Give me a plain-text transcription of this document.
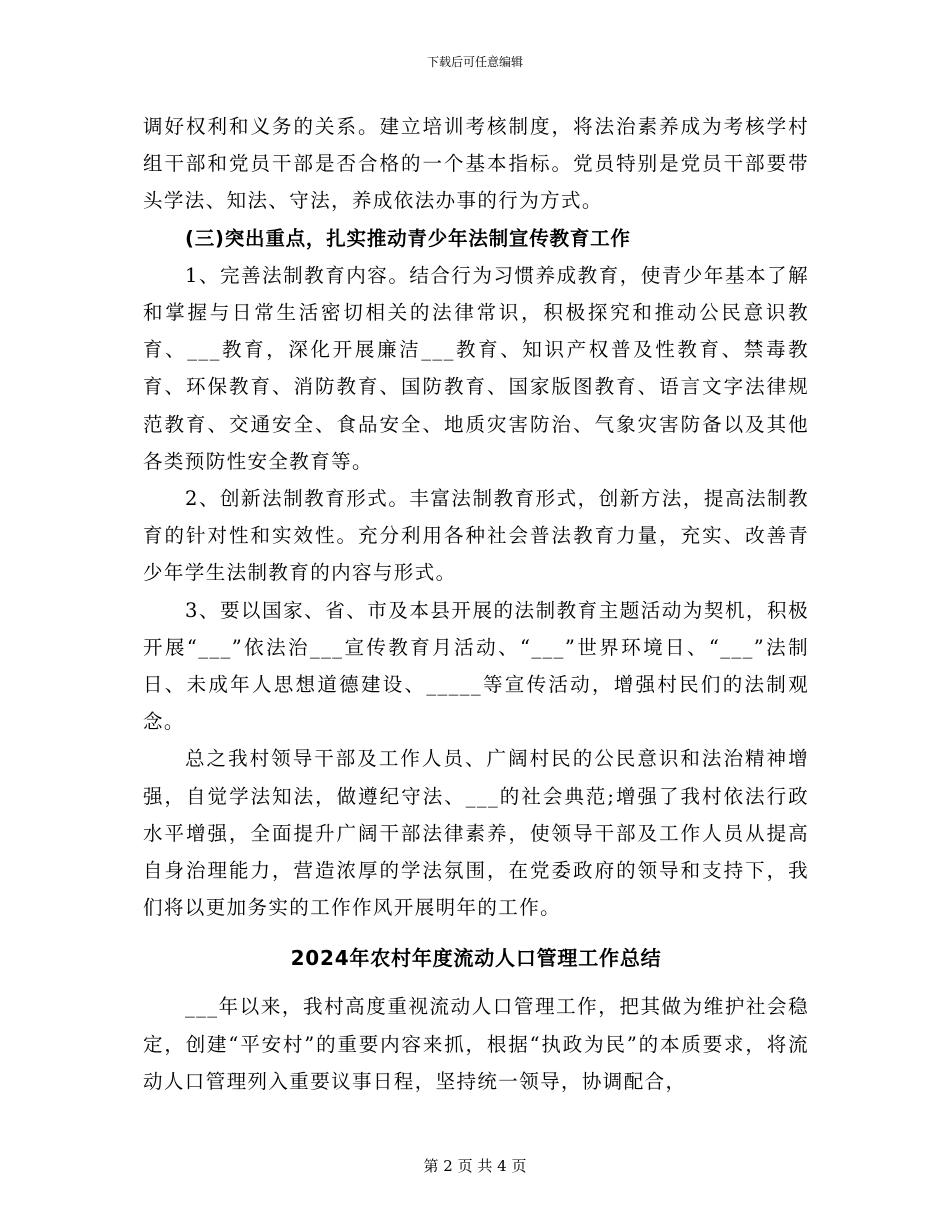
下载后可任意编辑

调好权利和义务的关系。建立培训考核制度，将法治素养成为考核学村组干部和党员干部是否合格的一个基本指标。党员特别是党员干部要带头学法、知法、守法，养成依法办事的行为方式。

(三)突出重点，扎实推动青少年法制宣传教育工作

1、完善法制教育内容。结合行为习惯养成教育，使青少年基本了解和掌握与日常生活密切相关的法律常识，积极探究和推动公民意识教育、___教育，深化开展廉洁___教育、知识产权普及性教育、禁毒教育、环保教育、消防教育、国防教育、国家版图教育、语言文字法律规范教育、交通安全、食品安全、地质灾害防治、气象灾害防备以及其他各类预防性安全教育等。

2、创新法制教育形式。丰富法制教育形式，创新方法，提高法制教育的针对性和实效性。充分利用各种社会普法教育力量，充实、改善青少年学生法制教育的内容与形式。

3、要以国家、省、市及本县开展的法制教育主题活动为契机，积极开展“___”依法治___宣传教育月活动、“___”世界环境日、“___”法制日、未成年人思想道德建设、_____等宣传活动，增强村民们的法制观念。

总之我村领导干部及工作人员、广阔村民的公民意识和法治精神增强，自觉学法知法，做遵纪守法、___的社会典范;增强了我村依法行政水平增强，全面提升广阔干部法律素养，使领导干部及工作人员从提高自身治理能力，营造浓厚的学法氛围，在党委政府的领导和支持下，我们将以更加务实的工作作风开展明年的工作。

2024年农村年度流动人口管理工作总结

___年以来，我村高度重视流动人口管理工作，把其做为维护社会稳定，创建“平安村”的重要内容来抓，根据“执政为民”的本质要求，将流动人口管理列入重要议事日程，坚持统一领导，协调配合，

第 2 页 共 4 页
